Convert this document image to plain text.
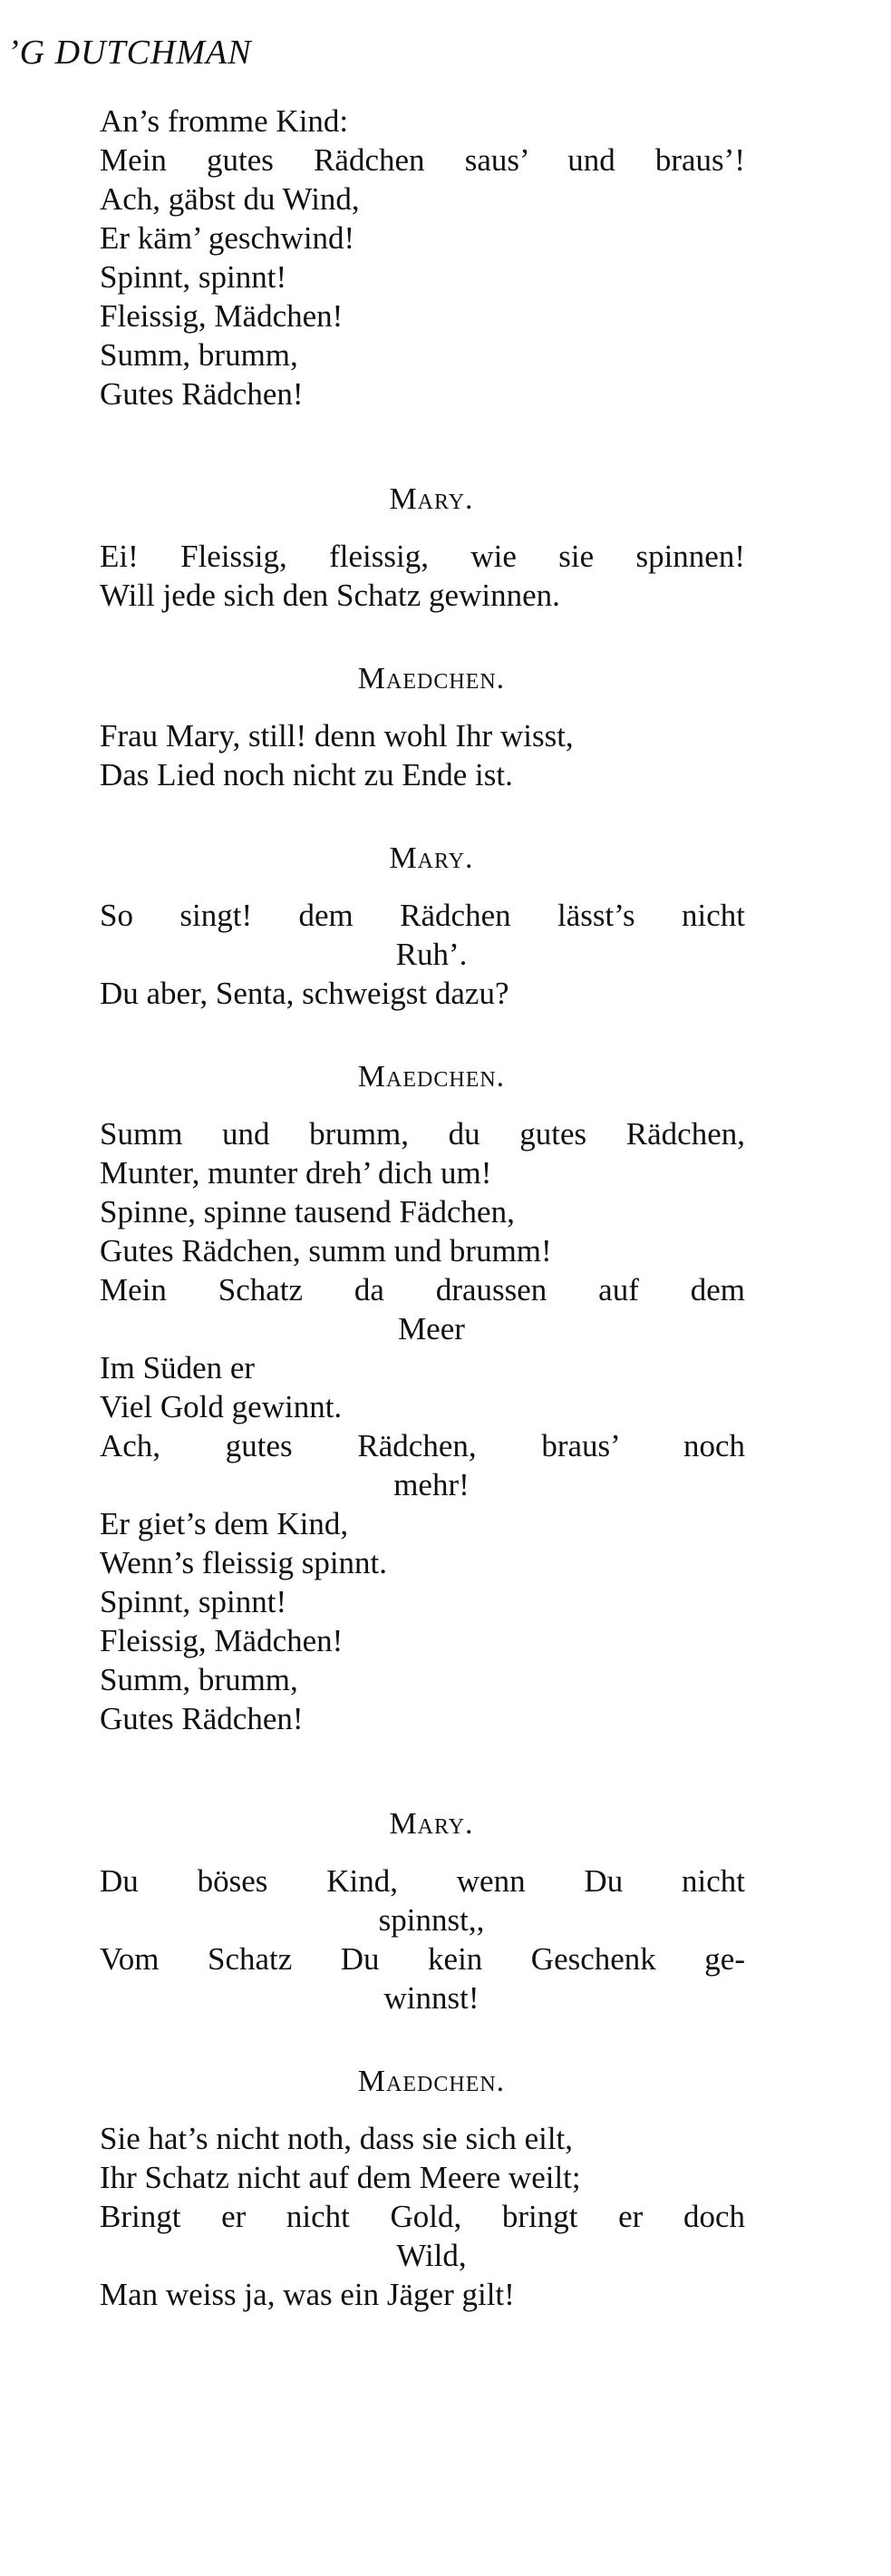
ʼG DUTCHMAN
An’s fromme Kind:
Mein gutes Rädchen saus’ und braus’!
Ach, gäbst du Wind,
Er käm’ geschwind!
Spinnt, spinnt!
Fleissig, Mädchen!
Summ, brumm,
Gutes Rädchen!
Mary.
Ei! Fleissig, fleissig, wie sie spinnen!
Will jede sich den Schatz gewinnen.
Maedchen.
Frau Mary, still! denn wohl Ihr wisst,
Das Lied noch nicht zu Ende ist.
Mary.
So singt! dem Rädchen lässt’s nicht
Ruh’.
Du aber, Senta, schweigst dazu?
Maedchen.
Summ und brumm, du gutes Rädchen,
Munter, munter dreh’ dich um!
Spinne, spinne tausend Fädchen,
Gutes Rädchen, summ und brumm!
Mein Schatz da draussen auf dem
Meer
Im Süden er
Viel Gold gewinnt.
Ach, gutes Rädchen, braus’ noch
mehr!
Er giet’s dem Kind,
Wenn’s fleissig spinnt.
Spinnt, spinnt!
Fleissig, Mädchen!
Summ, brumm,
Gutes Rädchen!
Mary.
Du böses Kind, wenn Du nicht
spinnst,,
Vom Schatz Du kein Geschenk ge-
winnst!
Maedchen.
Sie hat’s nicht noth, dass sie sich eilt,
Ihr Schatz nicht auf dem Meere weilt;
Bringt er nicht Gold, bringt er doch
Wild,
Man weiss ja, was ein Jäger gilt!
